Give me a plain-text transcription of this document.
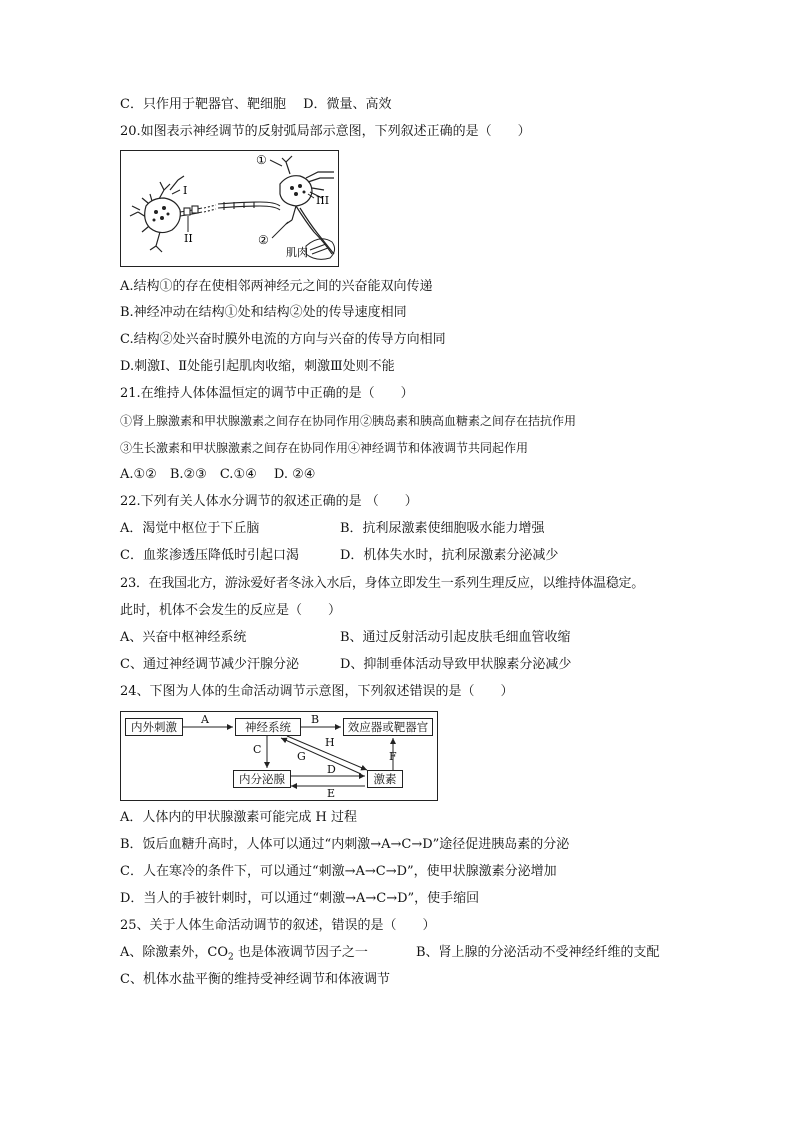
C．只作用于靶器官、靶细胞　 D．微量、高效
20.如图表示神经调节的反射弧局部示意图，下列叙述正确的是（　　）
①
I
II
III
②
肌肉
A.结构①的存在使相邻两神经元之间的兴奋能双向传递
B.神经冲动在结构①处和结构②处的传导速度相同
C.结构②处兴奋时膜外电流的方向与兴奋的传导方向相同
D.刺激Ⅰ、Ⅱ处能引起肌肉收缩，刺激Ⅲ处则不能
21.在维持人体体温恒定的调节中正确的是（　　）
①肾上腺激素和甲状腺激素之间存在协同作用②胰岛素和胰高血糖素之间存在拮抗作用
③生长激素和甲状腺激素之间存在协同作用④神经调节和体液调节共同起作用
A.①②　B.②③　C.①④　 D. ②④
22.下列有关人体水分调节的叙述正确的是 （　　）
A．渴觉中枢位于下丘脑	B．抗利尿激素使细胞吸水能力增强
C．血浆渗透压降低时引起口渴	D．机体失水时，抗利尿激素分泌减少
23．在我国北方，游泳爱好者冬泳入水后，身体立即发生一系列生理反应，以维持体温稳定。
此时，机体不会发生的反应是（　　）
A、兴奋中枢神经系统	B、通过反射活动引起皮肤毛细血管收缩
C、通过神经调节减少汗腺分泌	D、抑制垂体活动导致甲状腺素分泌减少
24、下图为人体的生命活动调节示意图，下列叙述错误的是（　　）
内外刺激	神经系统	效应器或靶器官
内分泌腺	激素
A	B
C
G
H
F
D
E
A．人体内的甲状腺激素可能完成 H 过程
B．饭后血糖升高时，人体可以通过“内刺激→A→C→D”途径促进胰岛素的分泌
C．人在寒冷的条件下，可以通过“刺激→A→C→D”，使甲状腺激素分泌增加
D．当人的手被针刺时，可以通过“刺激→A→C→D”，使手缩回
25、关于人体生命活动调节的叙述，错误的是（　　）
A、除激素外，$CO_2$ 也是体液调节因子之一	B、肾上腺的分泌活动不受神经纤维的支配
C、机体水盐平衡的维持受神经调节和体液调节
